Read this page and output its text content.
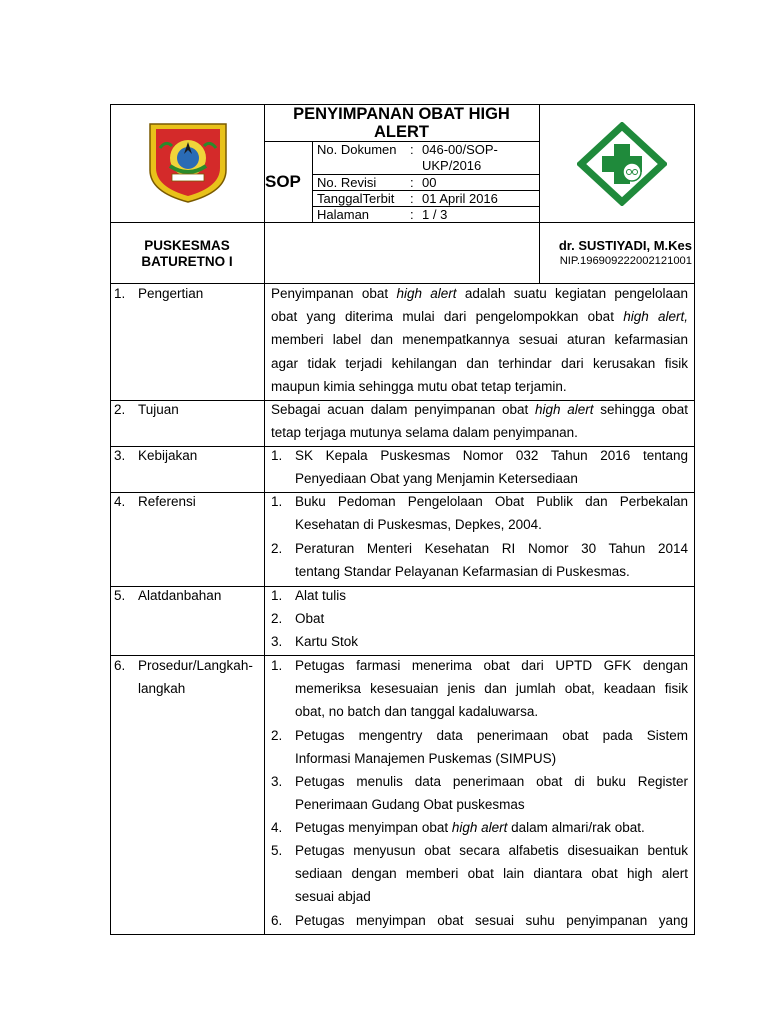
PENYIMPANAN OBAT HIGH
ALERT
SOP
No. Dokumen : 046-00/SOP-
UKP/2016
No. Revisi	: 00
TanggalTerbit : 01 April 2016
Halaman	: 1 / 3
PUSKESMAS
BATURETNO I
dr. SUSTIYADI, M.Kes
NIP.196909222002121001
1. Pengertian	Penyimpanan obat high alert adalah suatu kegiatan pengelolaan
obat yang diterima mulai dari pengelompokkan obat high alert,
memberi label dan menempatkannya sesuai aturan kefarmasian
agar tidak terjadi kehilangan dan terhindar dari kerusakan fisik
maupun kimia sehingga mutu obat tetap terjamin.
2. Tujuan	Sebagai acuan dalam penyimpanan obat high alert sehingga obat
tetap terjaga mutunya selama dalam penyimpanan.
3. Kebijakan	1. SK Kepala Puskesmas Nomor 032 Tahun 2016 tentang
Penyediaan Obat yang Menjamin Ketersediaan
4. Referensi	1. Buku Pedoman Pengelolaan Obat Publik dan Perbekalan
Kesehatan di Puskesmas, Depkes, 2004.
2. Peraturan Menteri Kesehatan RI Nomor 30 Tahun 2014
tentang Standar Pelayanan Kefarmasian di Puskesmas.
5. Alatdanbahan	1. Alat tulis
2. Obat
3. Kartu Stok
6. Prosedur/Langkah-
langkah
1. Petugas farmasi menerima obat dari UPTD GFK dengan
memeriksa kesesuaian jenis dan jumlah obat, keadaan fisik
obat, no batch dan tanggal kadaluwarsa.
2. Petugas mengentry data penerimaan obat pada Sistem
Informasi Manajemen Puskemas (SIMPUS)
3. Petugas menulis data penerimaan obat di buku Register
Penerimaan Gudang Obat puskesmas
4. Petugas menyimpan obat high alert dalam almari/rak obat.
5. Petugas menyusun obat secara alfabetis disesuaikan bentuk
sediaan dengan memberi obat lain diantara obat high alert
sesuai abjad
6. Petugas menyimpan obat sesuai suhu penyimpanan yang
